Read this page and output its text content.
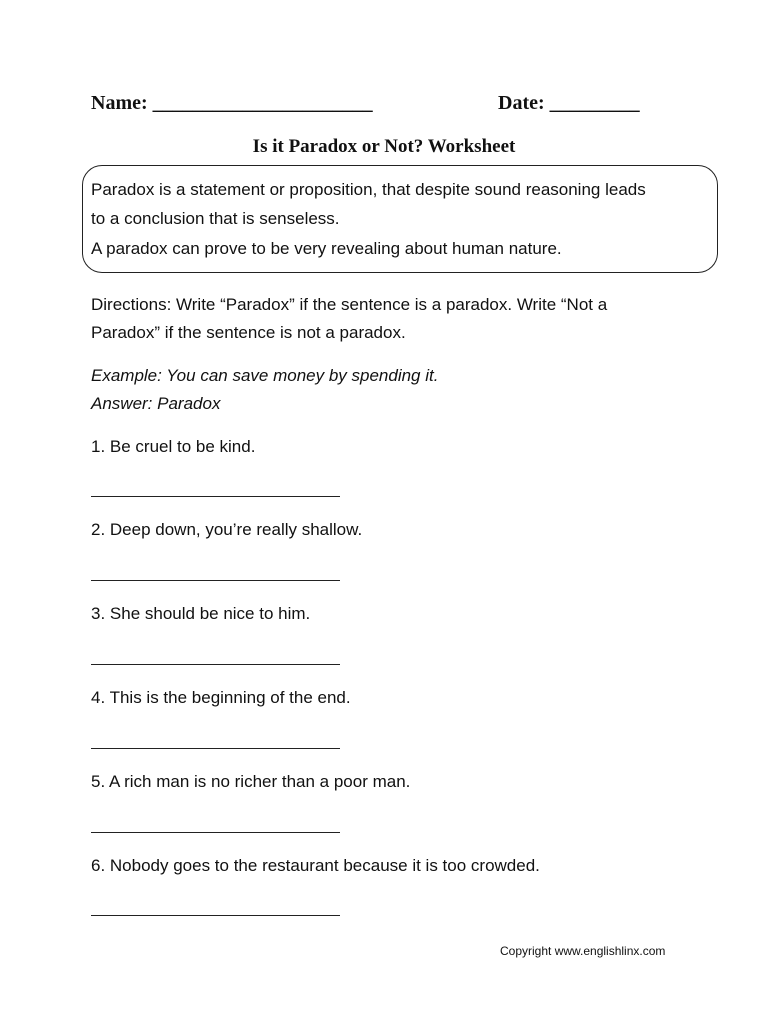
Name: ______________________	Date: _________
Is it Paradox or Not? Worksheet
Paradox is a statement or proposition, that despite sound reasoning leads
to a conclusion that is senseless.
A paradox can prove to be very revealing about human nature.
Directions: Write “Paradox” if the sentence is a paradox. Write “Not a
Paradox” if the sentence is not a paradox.
Example: You can save money by spending it.
Answer: Paradox
1. Be cruel to be kind.
2. Deep down, you’re really shallow.
3. She should be nice to him.
4. This is the beginning of the end.
5. A rich man is no richer than a poor man.
6. Nobody goes to the restaurant because it is too crowded.
Copyright www.englishlinx.com
